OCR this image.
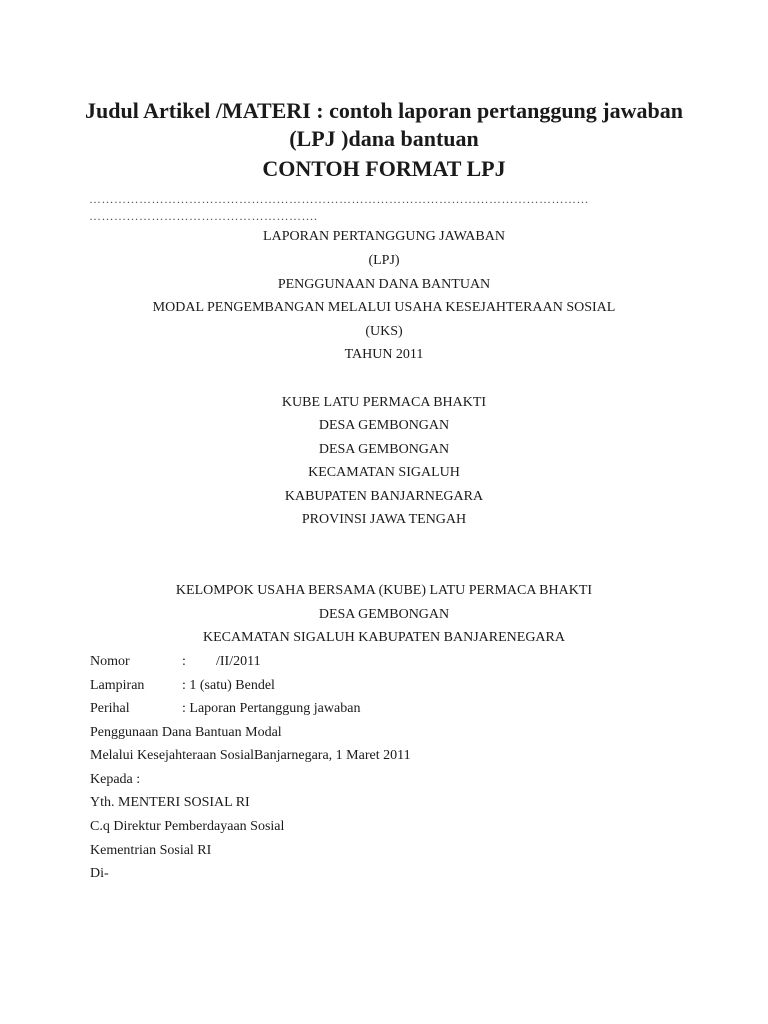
Judul Artikel /MATERI : contoh laporan pertanggung jawaban (LPJ )dana bantuan
CONTOH FORMAT LPJ
…………………………………………………………………………………………………………
……………………………………………….
LAPORAN PERTANGGUNG JAWABAN
(LPJ)
PENGGUNAAN DANA BANTUAN
MODAL PENGEMBANGAN MELALUI USAHA KESEJAHTERAAN SOSIAL
(UKS)
TAHUN 2011
KUBE LATU PERMACA BHAKTI
DESA GEMBONGAN
DESA GEMBONGAN
KECAMATAN SIGALUH
KABUPATEN BANJARNEGARA
PROVINSI JAWA TENGAH
KELOMPOK USAHA BERSAMA (KUBE) LATU PERMACA BHAKTI
DESA GEMBONGAN
KECAMATAN SIGALUH KABUPATEN BANJARENEGARA
Nomor	: /II/2011
Lampiran	: 1 (satu) Bendel
Perihal	: Laporan Pertanggung jawaban
Penggunaan Dana Bantuan Modal
Melalui Kesejahteraan SosialBanjarnegara, 1 Maret 2011
Kepada :
Yth. MENTERI SOSIAL RI
C.q Direktur Pemberdayaan Sosial
Kementrian Sosial RI
Di-
